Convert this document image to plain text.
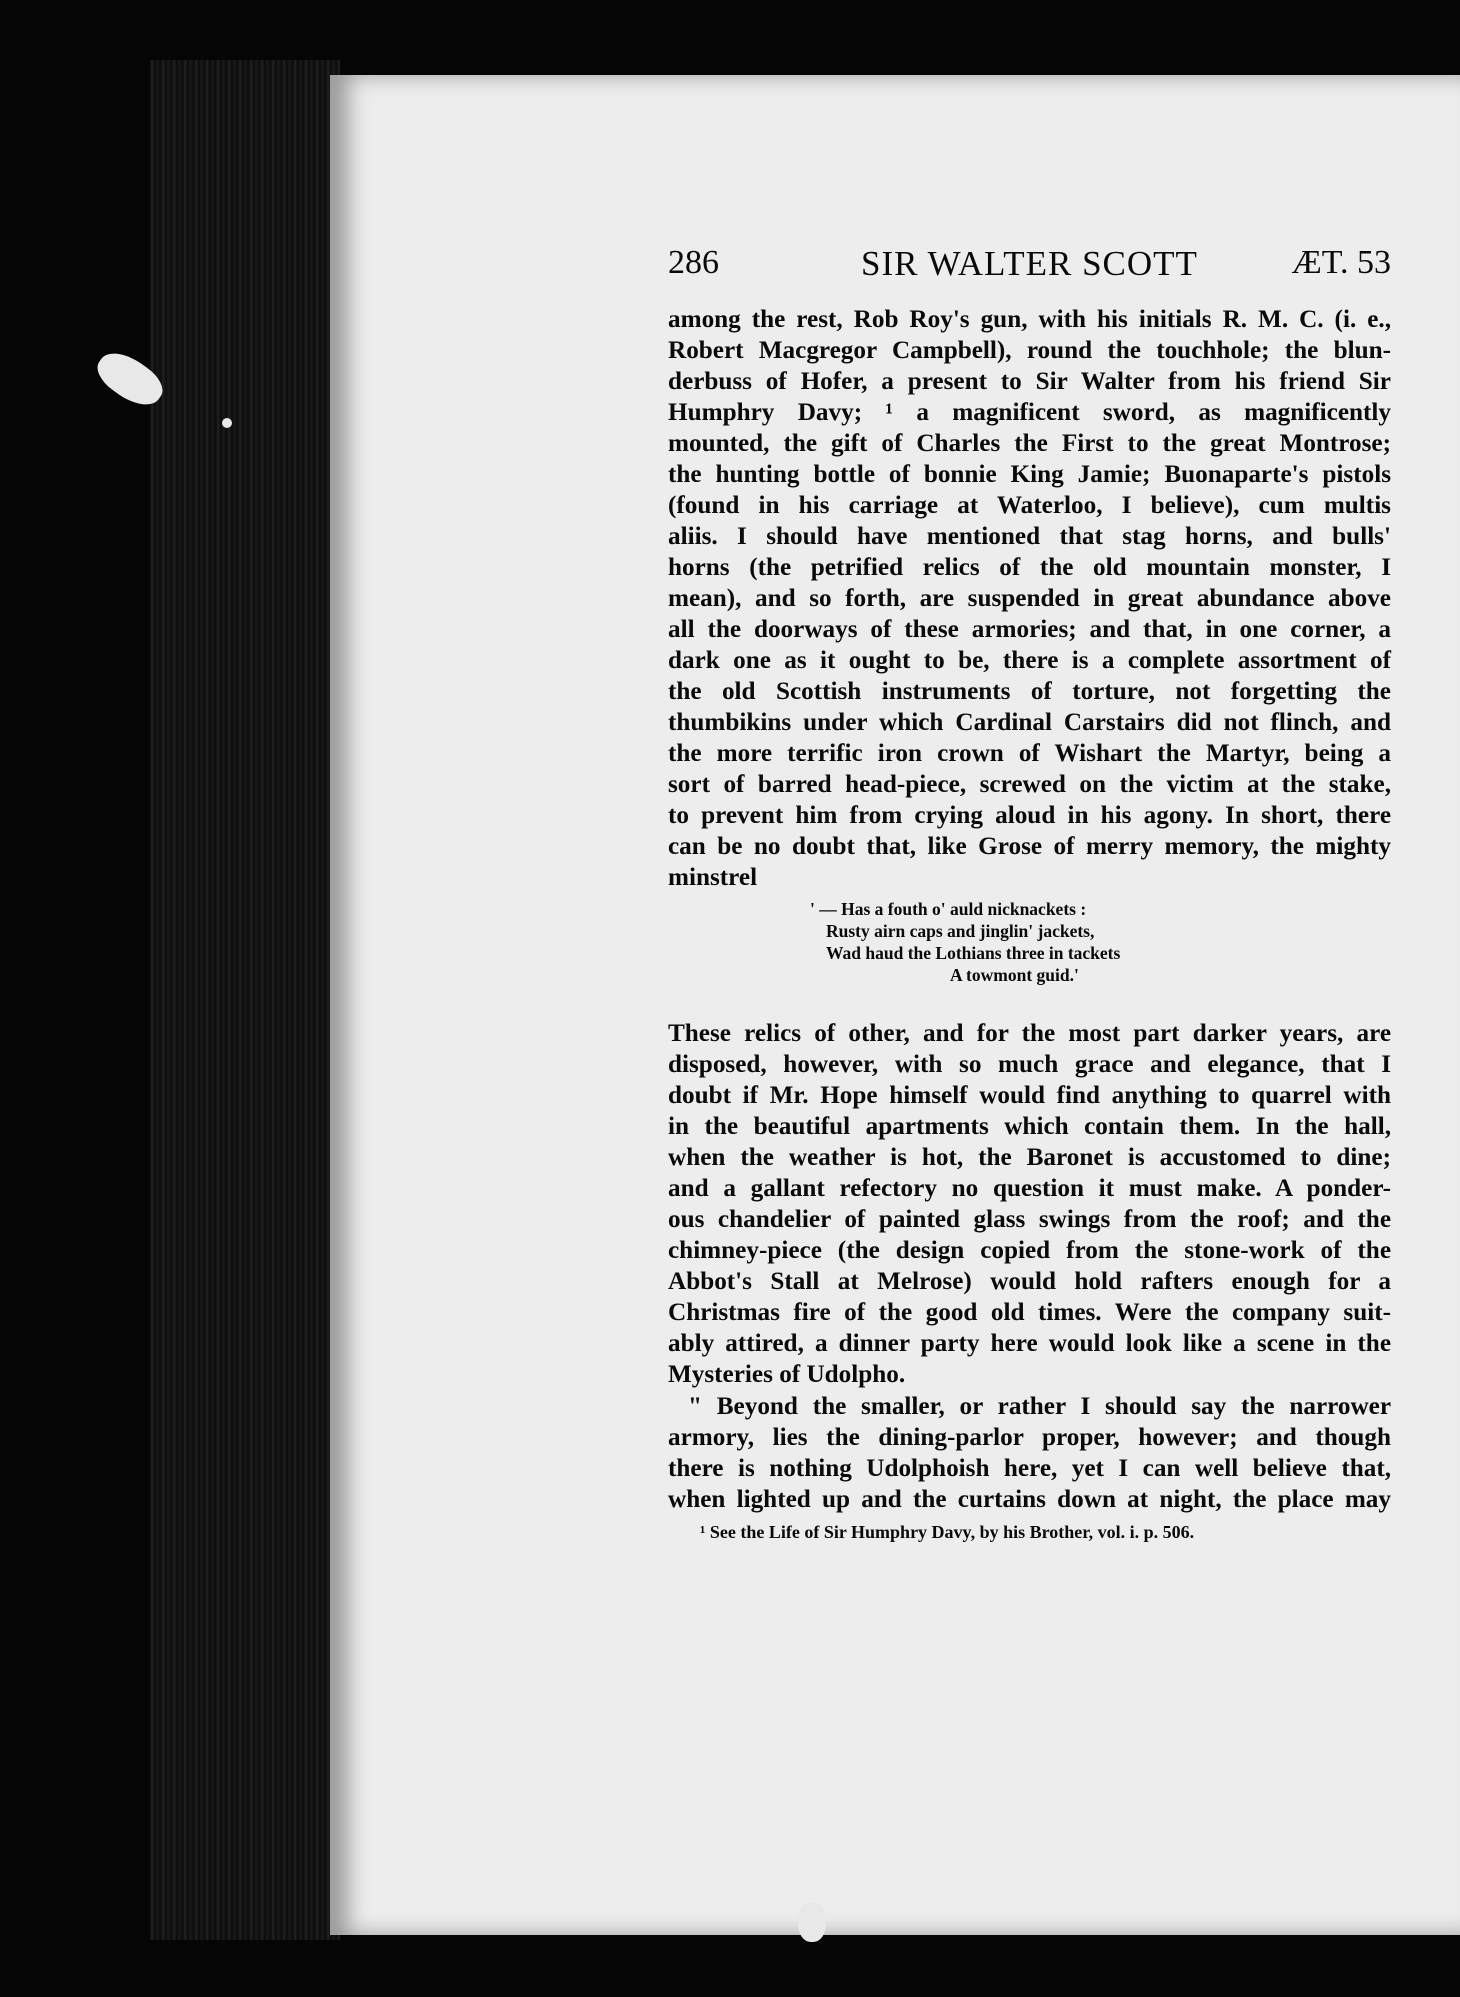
286	SIR WALTER SCOTT	ÆT. 53

among the rest, Rob Roy's gun, with his initials R. M. C. (i. e.,
Robert Macgregor Campbell), round the touchhole; the blun-
derbuss of Hofer, a present to Sir Walter from his friend Sir
Humphry Davy; ¹ a magnificent sword, as magnificently
mounted, the gift of Charles the First to the great Montrose;
the hunting bottle of bonnie King Jamie; Buonaparte's pistols
(found in his carriage at Waterloo, I believe), cum multis
aliis. I should have mentioned that stag horns, and bulls'
horns (the petrified relics of the old mountain monster, I
mean), and so forth, are suspended in great abundance above
all the doorways of these armories; and that, in one corner, a
dark one as it ought to be, there is a complete assortment of
the old Scottish instruments of torture, not forgetting the
thumbikins under which Cardinal Carstairs did not flinch, and
the more terrific iron crown of Wishart the Martyr, being a
sort of barred head-piece, screwed on the victim at the stake,
to prevent him from crying aloud in his agony. In short, there
can be no doubt that, like Grose of merry memory, the mighty
minstrel

' — Has a fouth o' auld nicknackets :
Rusty airn caps and jinglin' jackets,
Wad haud the Lothians three in tackets
A towmont guid.'

These relics of other, and for the most part darker years, are
disposed, however, with so much grace and elegance, that I
doubt if Mr. Hope himself would find anything to quarrel with
in the beautiful apartments which contain them. In the hall,
when the weather is hot, the Baronet is accustomed to dine;
and a gallant refectory no question it must make. A ponder-
ous chandelier of painted glass swings from the roof; and the
chimney-piece (the design copied from the stone-work of the
Abbot's Stall at Melrose) would hold rafters enough for a
Christmas fire of the good old times. Were the company suit-
ably attired, a dinner party here would look like a scene in the
Mysteries of Udolpho.

" Beyond the smaller, or rather I should say the narrower
armory, lies the dining-parlor proper, however; and though
there is nothing Udolphoish here, yet I can well believe that,
when lighted up and the curtains down at night, the place may

¹ See the Life of Sir Humphry Davy, by his Brother, vol. i. p. 506.
